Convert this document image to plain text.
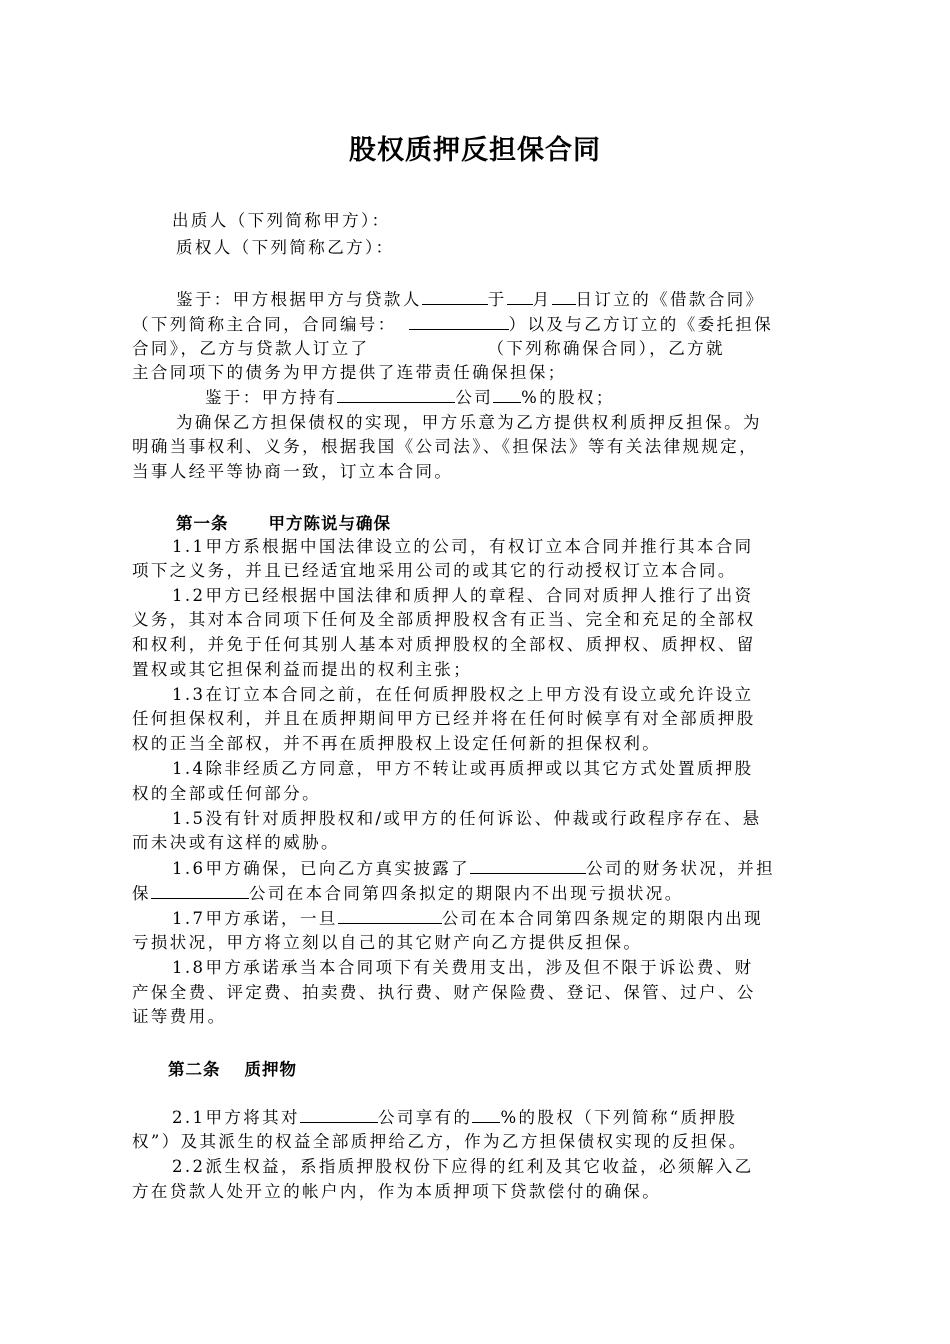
股权质押反担保合同
出质人（下列简称甲方）：
质权人（下列简称乙方）：
鉴于：甲方根据甲方与贷款人	于 月 日订立的《借款合同》
（下列简称主合同，合同编号：	）以及与乙方订立的《委托担保
合同》，乙方与贷款人订立了	（下列称确保合同），乙方就
主合同项下的债务为甲方提供了连带责任确保担保；
鉴于：甲方持有	公司 %的股权；
为确保乙方担保债权的实现，甲方乐意为乙方提供权利质押反担保。为
明确当事权利、义务，根据我国《公司法》、《担保法》等有关法律规规定，
当事人经平等协商一致，订立本合同。
第一条 甲方陈说与确保
1.1甲方系根据中国法律设立的公司，有权订立本合同并推行其本合同
项下之义务，并且已经适宜地采用公司的或其它的行动授权订立本合同。
1.2甲方已经根据中国法律和质押人的章程、合同对质押人推行了出资
义务，其对本合同项下任何及全部质押股权含有正当、完全和充足的全部权
和权利，并免于任何其别人基本对质押股权的全部权、质押权、质押权、留
置权或其它担保利益而提出的权利主张；
1.3在订立本合同之前，在任何质押股权之上甲方没有设立或允许设立
任何担保权利，并且在质押期间甲方已经并将在任何时候享有对全部质押股
权的正当全部权，并不再在质押股权上设定任何新的担保权利。
1.4除非经质乙方同意，甲方不转让或再质押或以其它方式处置质押股
权的全部或任何部分。
1.5没有针对质押股权和/或甲方的任何诉讼、仲裁或行政程序存在、悬
而未决或有这样的威胁。
1.6甲方确保，已向乙方真实披露了	公司的财务状况，并担
保	公司在本合同第四条拟定的期限内不出现亏损状况。
1.7甲方承诺，一旦	公司在本合同第四条规定的期限内出现
亏损状况，甲方将立刻以自己的其它财产向乙方提供反担保。
1.8甲方承诺承当本合同项下有关费用支出，涉及但不限于诉讼费、财
产保全费、评定费、拍卖费、执行费、财产保险费、登记、保管、过户、公
证等费用。
第二条 质押物
2.1甲方将其对	公司享有的 %的股权（下列简称“质押股
权”）及其派生的权益全部质押给乙方，作为乙方担保债权实现的反担保。
2.2派生权益，系指质押股权份下应得的红利及其它收益，必须解入乙
方在贷款人处开立的帐户内，作为本质押项下贷款偿付的确保。
